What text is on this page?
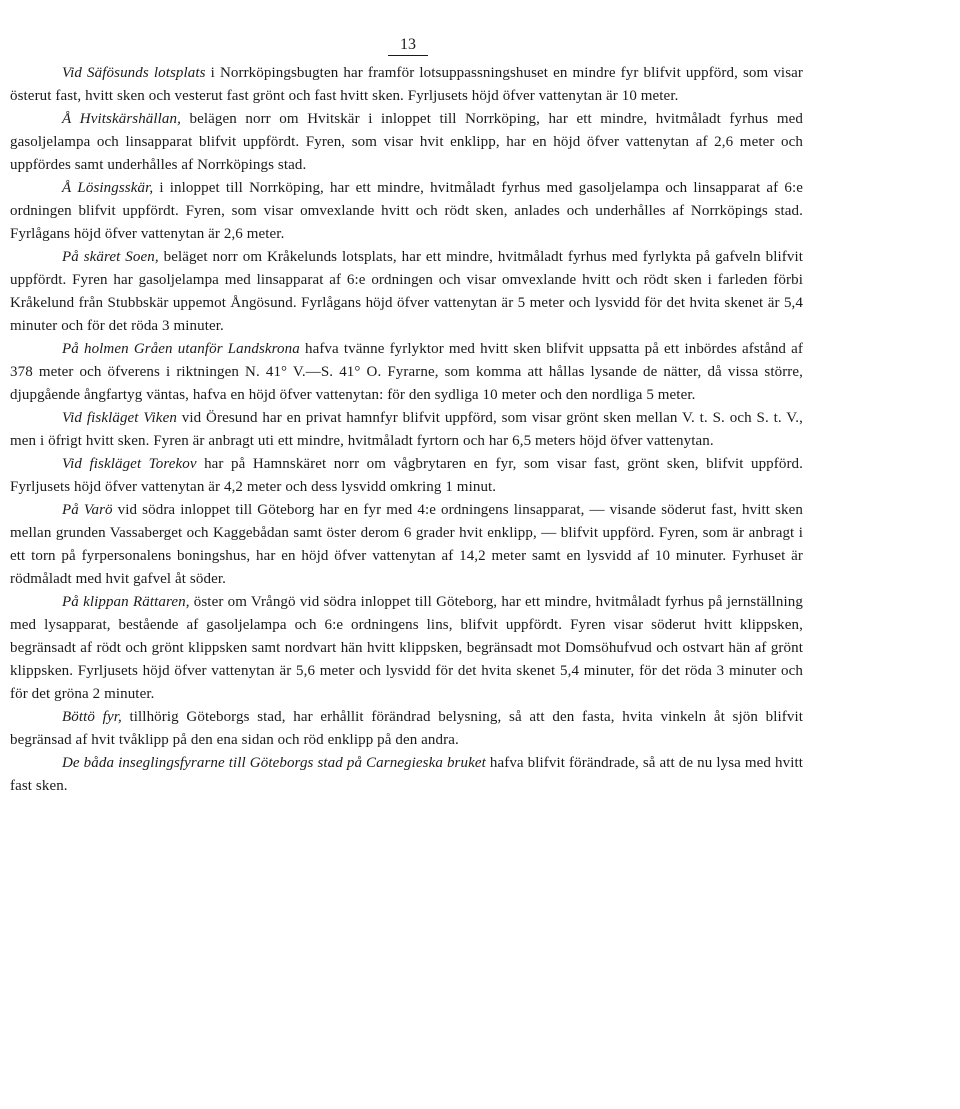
13

Vid Säfösunds lotsplats i Norrköpingsbugten har framför lotsuppassningshuset en mindre fyr blifvit uppförd, som visar österut fast, hvitt sken och vesterut fast grönt och fast hvitt sken. Fyrljusets höjd öfver vattenytan är 10 meter.

Å Hvitskärshällan, belägen norr om Hvitskär i inloppet till Norrköping, har ett mindre, hvitmåladt fyrhus med gasoljelampa och linsapparat blifvit uppfördt. Fyren, som visar hvit enklipp, har en höjd öfver vattenytan af 2,6 meter och uppfördes samt underhålles af Norrköpings stad.

Å Lösingsskär, i inloppet till Norrköping, har ett mindre, hvitmåladt fyrhus med gasoljelampa och linsapparat af 6:e ordningen blifvit uppfördt. Fyren, som visar omvexlande hvitt och rödt sken, anlades och underhålles af Norrköpings stad. Fyrlågans höjd öfver vattenytan är 2,6 meter.

På skäret Soen, beläget norr om Kråkelunds lotsplats, har ett mindre, hvitmåladt fyrhus med fyrlykta på gafveln blifvit uppfördt. Fyren har gasoljelampa med linsapparat af 6:e ordningen och visar omvexlande hvitt och rödt sken i farleden förbi Kråkelund från Stubbskär uppemot Ångösund. Fyrlågans höjd öfver vattenytan är 5 meter och lysvidd för det hvita skenet är 5,4 minuter och för det röda 3 minuter.

På holmen Gråen utanför Landskrona hafva tvänne fyrlyktor med hvitt sken blifvit uppsatta på ett inbördes afstånd af 378 meter och öfverens i riktningen N. 41° V.—S. 41° O. Fyrarne, som komma att hållas lysande de nätter, då vissa större, djupgående ångfartyg väntas, hafva en höjd öfver vattenytan: för den sydliga 10 meter och den nordliga 5 meter.

Vid fiskläget Viken vid Öresund har en privat hamnfyr blifvit uppförd, som visar grönt sken mellan V. t. S. och S. t. V., men i öfrigt hvitt sken. Fyren är anbragt uti ett mindre, hvitmåladt fyrtorn och har 6,5 meters höjd öfver vattenytan.

Vid fiskläget Torekov har på Hamnskäret norr om vågbrytaren en fyr, som visar fast, grönt sken, blifvit uppförd. Fyrljusets höjd öfver vattenytan är 4,2 meter och dess lysvidd omkring 1 minut.

På Varö vid södra inloppet till Göteborg har en fyr med 4:e ordningens linsapparat, — visande söderut fast, hvitt sken mellan grunden Vassaberget och Kaggebådan samt öster derom 6 grader hvit enklipp, — blifvit uppförd. Fyren, som är anbragt i ett torn på fyrpersonalens boningshus, har en höjd öfver vattenytan af 14,2 meter samt en lysvidd af 10 minuter. Fyrhuset är rödmåladt med hvit gafvel åt söder.

På klippan Rättaren, öster om Vrångö vid södra inloppet till Göteborg, har ett mindre, hvitmåladt fyrhus på jernställning med lysapparat, bestående af gasoljelampa och 6:e ordningens lins, blifvit uppfördt. Fyren visar söderut hvitt klippsken, begränsadt af rödt och grönt klippsken samt nordvart hän hvitt klippsken, begränsadt mot Domsöhufvud och ostvart hän af grönt klippsken. Fyrljusets höjd öfver vattenytan är 5,6 meter och lysvidd för det hvita skenet 5,4 minuter, för det röda 3 minuter och för det gröna 2 minuter.

Böttö fyr, tillhörig Göteborgs stad, har erhållit förändrad belysning, så att den fasta, hvita vinkeln åt sjön blifvit begränsad af hvit tvåklipp på den ena sidan och röd enklipp på den andra.

De båda inseglingsfyrarne till Göteborgs stad på Carnegieska bruket hafva blifvit förändrade, så att de nu lysa med hvitt fast sken.
